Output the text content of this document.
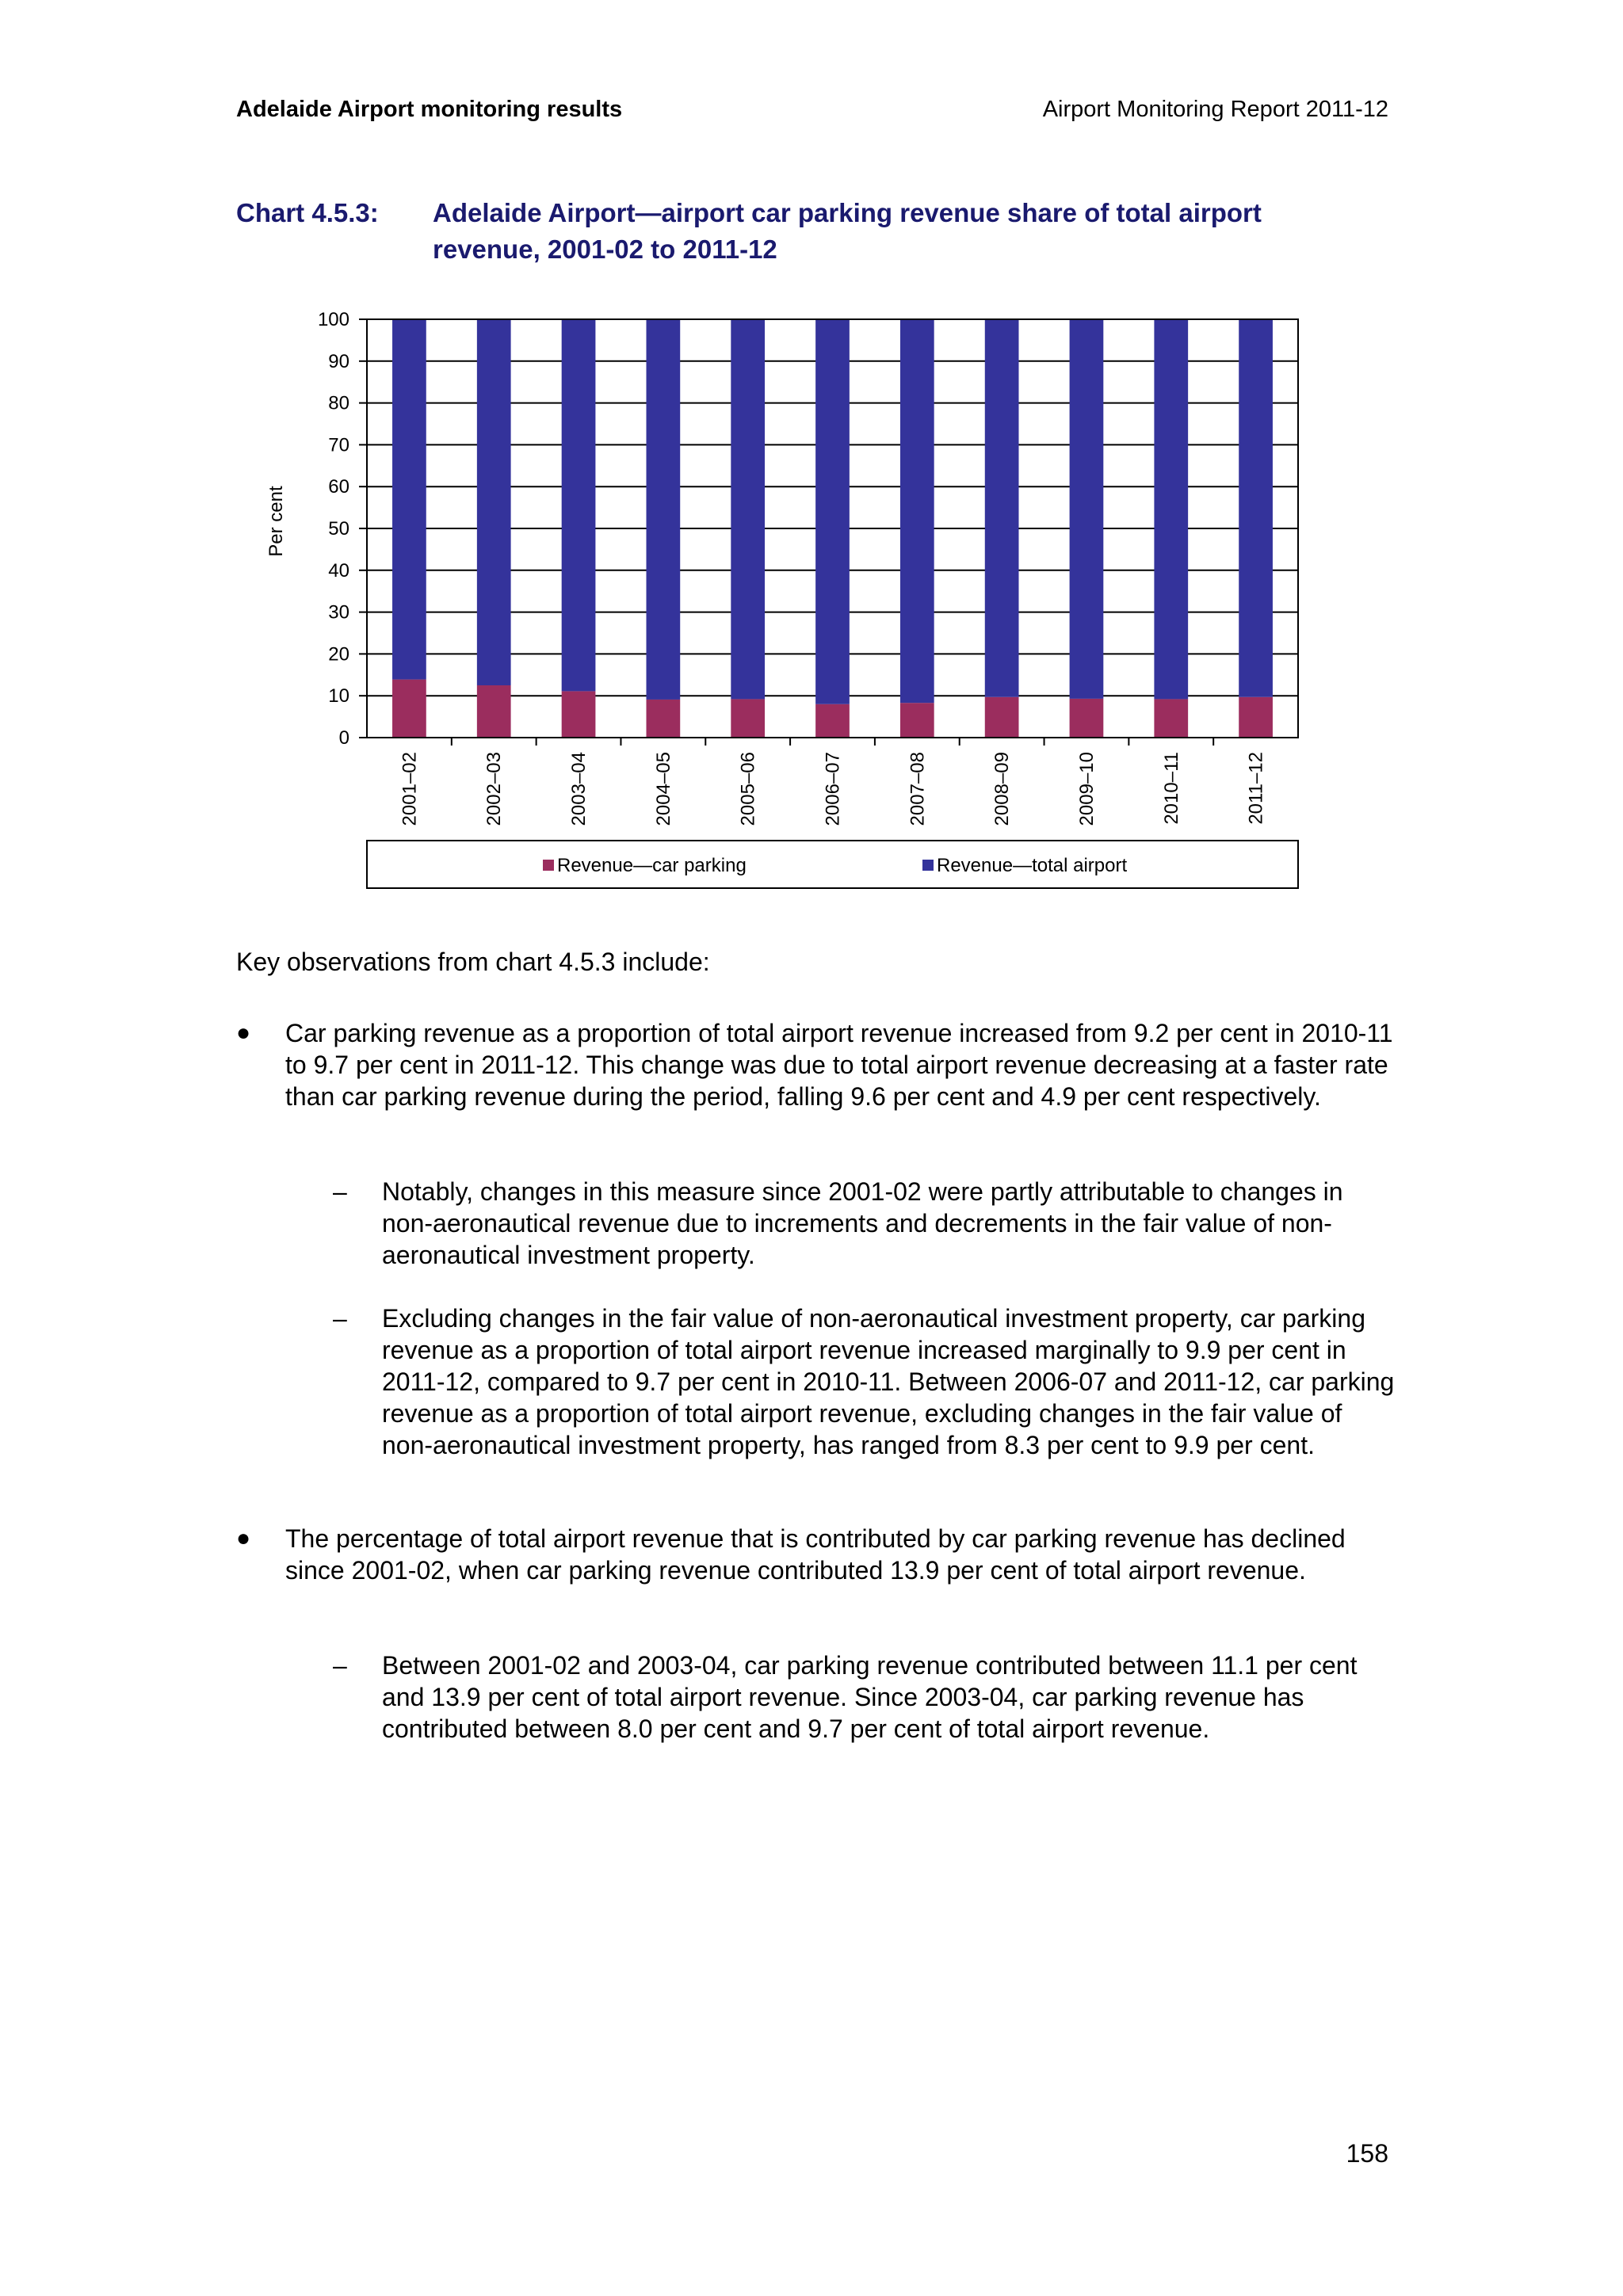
Adelaide Airport monitoring results	Airport Monitoring Report 2011-12
Chart 4.5.3: Adelaide Airport—airport car parking revenue share of total airport revenue, 2001-02 to 2011-12
Per cent
0
10
20
30
40
50
60
70
80
90
100
2001–02	2002–03	2003–04	2004–05	2005–06	2006–07	2007–08	2008–09	2009–10	2010–11	2011–12
Revenue—car parking	Revenue—total airport
Key observations from chart 4.5.3 include:
● Car parking revenue as a proportion of total airport revenue increased from 9.2 per cent in 2010-11 to 9.7 per cent in 2011-12. This change was due to total airport revenue decreasing at a faster rate than car parking revenue during the period, falling 9.6 per cent and 4.9 per cent respectively.
– Notably, changes in this measure since 2001-02 were partly attributable to changes in non-aeronautical revenue due to increments and decrements in the fair value of non-aeronautical investment property.
– Excluding changes in the fair value of non-aeronautical investment property, car parking revenue as a proportion of total airport revenue increased marginally to 9.9 per cent in 2011-12, compared to 9.7 per cent in 2010-11. Between 2006-07 and 2011-12, car parking revenue as a proportion of total airport revenue, excluding changes in the fair value of non-aeronautical investment property, has ranged from 8.3 per cent to 9.9 per cent.
● The percentage of total airport revenue that is contributed by car parking revenue has declined since 2001-02, when car parking revenue contributed 13.9 per cent of total airport revenue.
– Between 2001-02 and 2003-04, car parking revenue contributed between 11.1 per cent and 13.9 per cent of total airport revenue. Since 2003-04, car parking revenue has contributed between 8.0 per cent and 9.7 per cent of total airport revenue.
158
